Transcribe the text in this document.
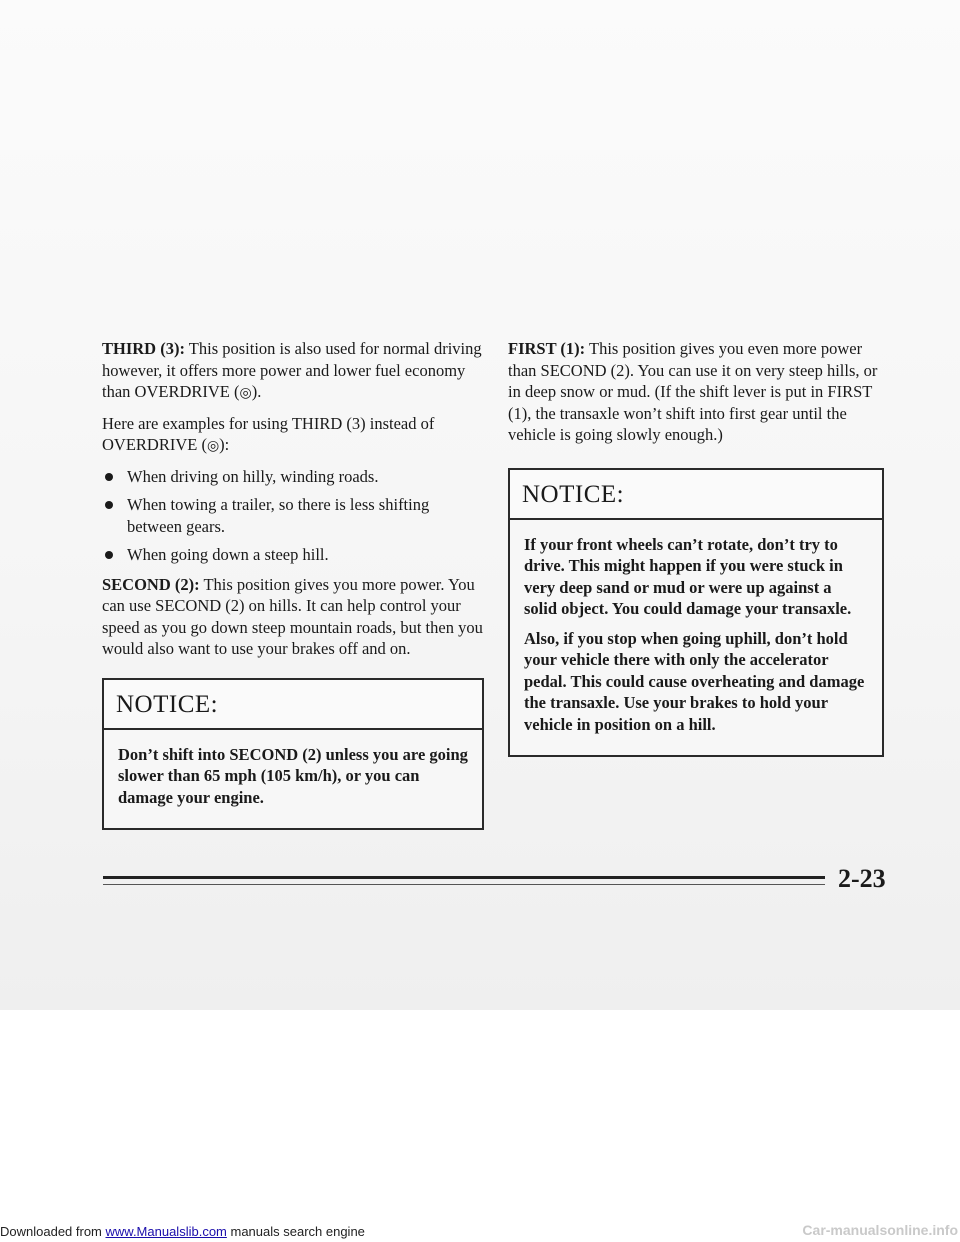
THIRD (3): This position is also used for normal driving however, it offers more power and lower fuel economy than OVERDRIVE (◎).

Here are examples for using THIRD (3) instead of OVERDRIVE (◎):

When driving on hilly, winding roads.
When towing a trailer, so there is less shifting between gears.
When going down a steep hill.

SECOND (2): This position gives you more power. You can use SECOND (2) on hills. It can help control your speed as you go down steep mountain roads, but then you would also want to use your brakes off and on.

NOTICE:

Don’t shift into SECOND (2) unless you are going slower than 65 mph (105 km/h), or you can damage your engine.

FIRST (1): This position gives you even more power than SECOND (2). You can use it on very steep hills, or in deep snow or mud. (If the shift lever is put in FIRST (1), the transaxle won’t shift into first gear until the vehicle is going slowly enough.)

NOTICE:

If your front wheels can’t rotate, don’t try to drive. This might happen if you were stuck in very deep sand or mud or were up against a solid object. You could damage your transaxle.

Also, if you stop when going uphill, don’t hold your vehicle there with only the accelerator pedal. This could cause overheating and damage the transaxle. Use your brakes to hold your vehicle in position on a hill.

2-23
Downloaded from www.Manualslib.com manuals search engine	Car-manualsonline.info
